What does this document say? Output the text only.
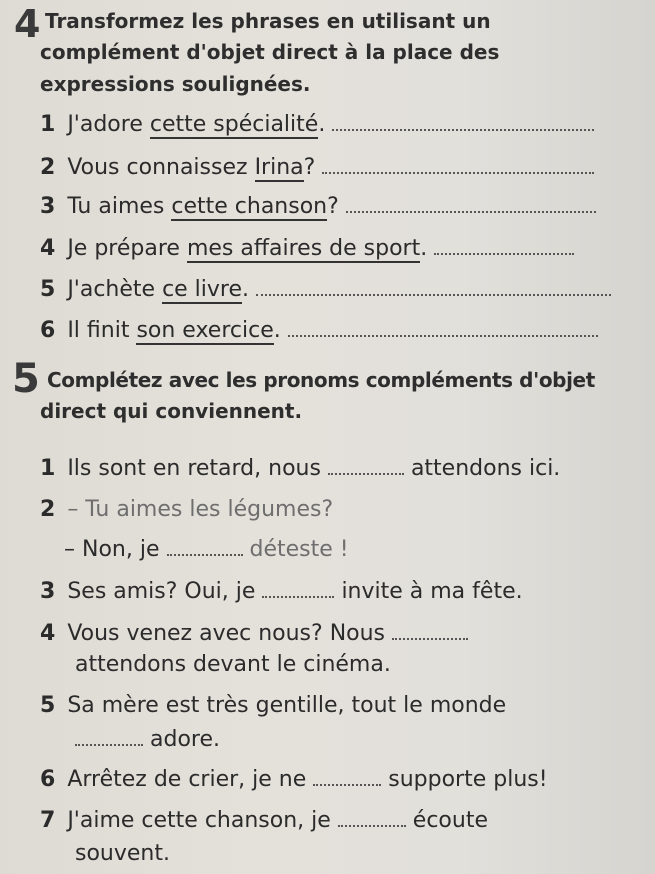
4 Transformez les phrases en utilisant un
complément d'objet direct à la place des
expressions soulignées.
1 J'adore cette spécialité.
2 Vous connaissez Irina?
3 Tu aimes cette chanson?
4 Je prépare mes affaires de sport.
5 J'achète ce livre.
6 Il finit son exercice.
5 Complétez avec les pronoms compléments d'objet
direct qui conviennent.
1 Ils sont en retard, nous	attendons ici.
2 – Tu aimes les légumes?
– Non, je	déteste !
3 Ses amis? Oui, je	invite à ma fête.
4 Vous venez avec nous? Nous
attendons devant le cinéma.
5 Sa mère est très gentille, tout le monde
adore.
6 Arrêtez de crier, je ne	supporte plus!
7 J'aime cette chanson, je	écoute
souvent.
